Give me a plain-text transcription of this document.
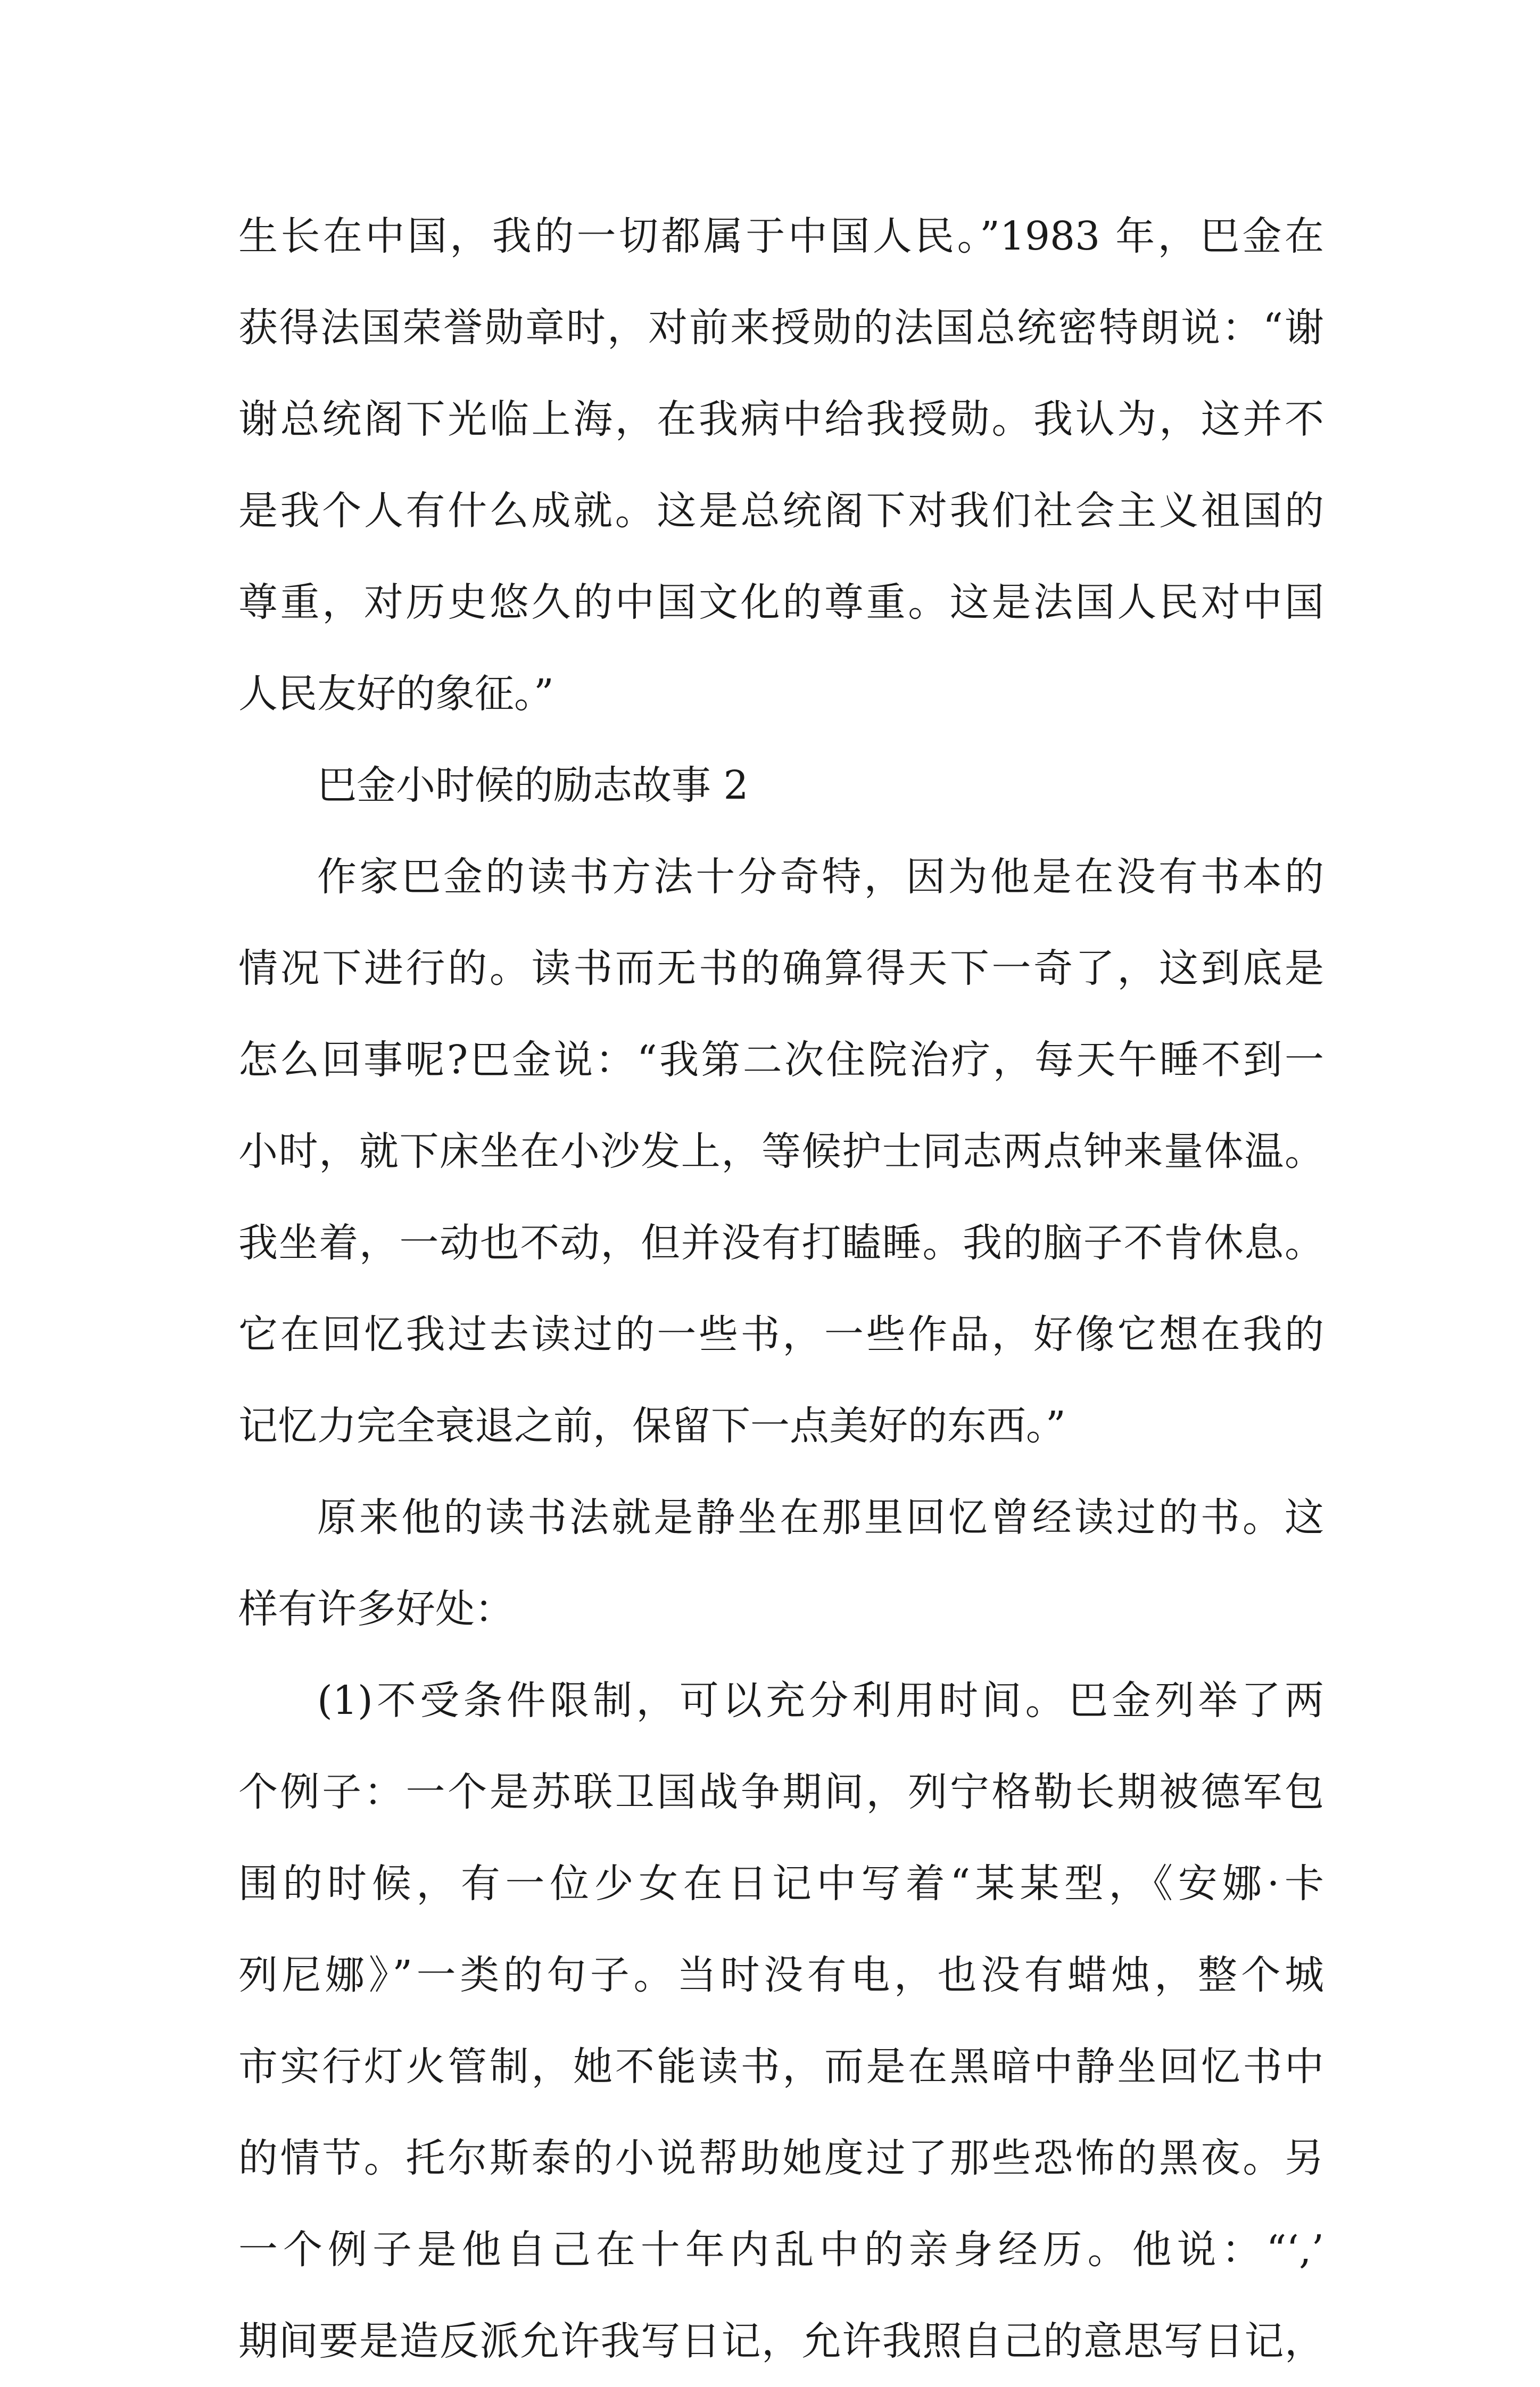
生长在中国，我的一切都属于中国人民。”1983 年，巴金在
获得法国荣誉勋章时，对前来授勋的法国总统密特朗说：“谢
谢总统阁下光临上海，在我病中给我授勋。我认为，这并不
是我个人有什么成就。这是总统阁下对我们社会主义祖国的
尊重，对历史悠久的中国文化的尊重。这是法国人民对中国
人民友好的象征。”
巴金小时候的励志故事 2
作家巴金的读书方法十分奇特，因为他是在没有书本的
情况下进行的。读书而无书的确算得天下一奇了，这到底是
怎么回事呢?巴金说：“我第二次住院治疗，每天午睡不到一
小时，就下床坐在小沙发上，等候护士同志两点钟来量体温。
我坐着，一动也不动，但并没有打瞌睡。我的脑子不肯休息。
它在回忆我过去读过的一些书，一些作品，好像它想在我的
记忆力完全衰退之前，保留下一点美好的东西。”
原来他的读书法就是静坐在那里回忆曾经读过的书。这
样有许多好处：
(1)不受条件限制，可以充分利用时间。巴金列举了两
个例子：一个是苏联卫国战争期间，列宁格勒长期被德军包
围的时候，有一位少女在日记中写着“某某型，《安娜·卡
列尼娜》”一类的句子。当时没有电，也没有蜡烛，整个城
市实行灯火管制，她不能读书，而是在黑暗中静坐回忆书中
的情节。托尔斯泰的小说帮助她度过了那些恐怖的黑夜。另
一个例子是他自己在十年内乱中的亲身经历。他说：“‘,’
期间要是造反派允许我写日记，允许我照自己的意思写日记，
